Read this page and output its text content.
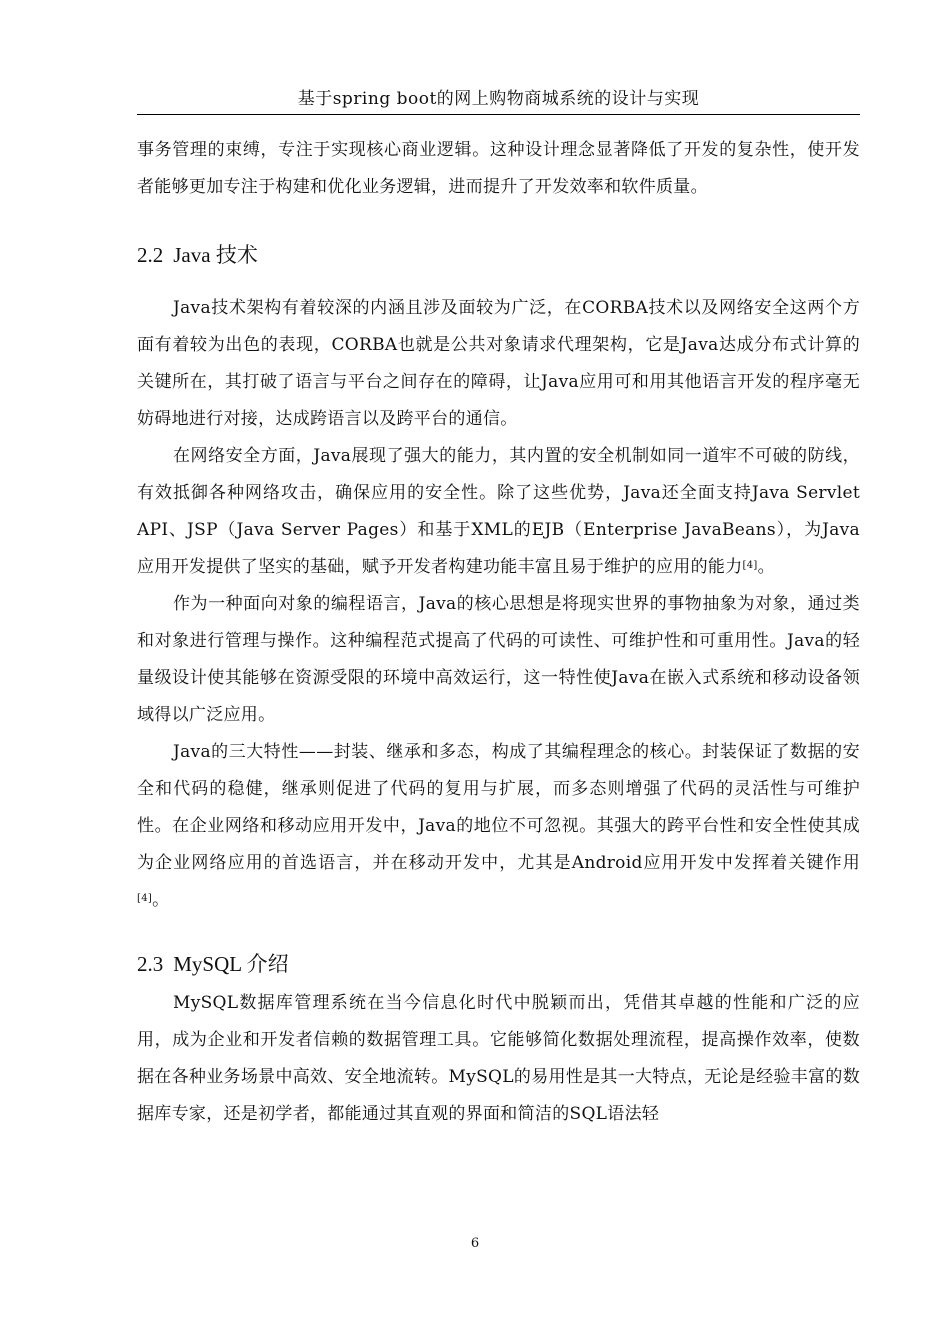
基于spring boot的网上购物商城系统的设计与实现

事务管理的束缚，专注于实现核心商业逻辑。这种设计理念显著降低了开发的复杂性，使开发者能够更加专注于构建和优化业务逻辑，进而提升了开发效率和软件质量。

2.2 Java 技术

Java技术架构有着较深的内涵且涉及面较为广泛，在CORBA技术以及网络安全这两个方面有着较为出色的表现，CORBA也就是公共对象请求代理架构，它是Java达成分布式计算的关键所在，其打破了语言与平台之间存在的障碍，让Java应用可和用其他语言开发的程序毫无妨碍地进行对接，达成跨语言以及跨平台的通信。

在网络安全方面，Java展现了强大的能力，其内置的安全机制如同一道牢不可破的防线，有效抵御各种网络攻击，确保应用的安全性。除了这些优势，Java还全面支持Java Servlet API、JSP（Java Server Pages）和基于XML的EJB（Enterprise JavaBeans），为Java应用开发提供了坚实的基础，赋予开发者构建功能丰富且易于维护的应用的能力[4]。

作为一种面向对象的编程语言，Java的核心思想是将现实世界的事物抽象为对象，通过类和对象进行管理与操作。这种编程范式提高了代码的可读性、可维护性和可重用性。Java的轻量级设计使其能够在资源受限的环境中高效运行，这一特性使Java在嵌入式系统和移动设备领域得以广泛应用。

Java的三大特性——封装、继承和多态，构成了其编程理念的核心。封装保证了数据的安全和代码的稳健，继承则促进了代码的复用与扩展，而多态则增强了代码的灵活性与可维护性。在企业网络和移动应用开发中，Java的地位不可忽视。其强大的跨平台性和安全性使其成为企业网络应用的首选语言，并在移动开发中，尤其是Android应用开发中发挥着关键作用[4]。

2.3 MySQL 介绍

MySQL数据库管理系统在当今信息化时代中脱颖而出，凭借其卓越的性能和广泛的应用，成为企业和开发者信赖的数据管理工具。它能够简化数据处理流程，提高操作效率，使数据在各种业务场景中高效、安全地流转。MySQL的易用性是其一大特点，无论是经验丰富的数据库专家，还是初学者，都能通过其直观的界面和简洁的SQL语法轻

6
